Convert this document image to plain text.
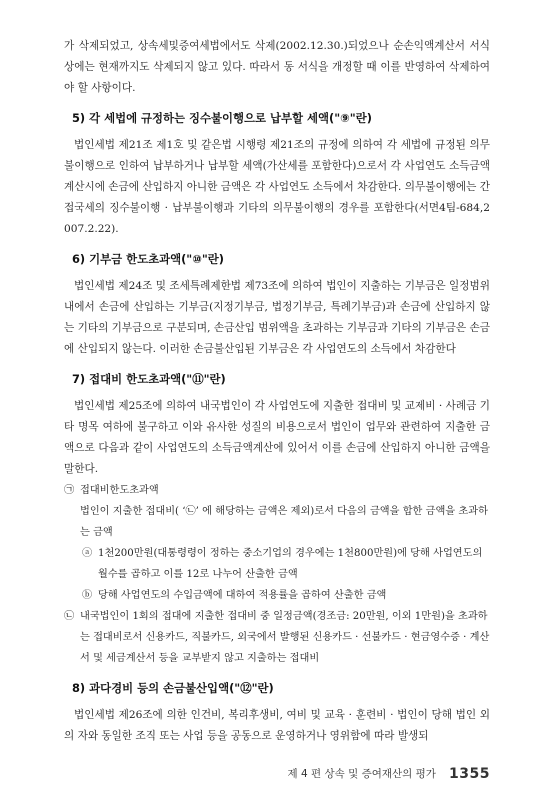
가 삭제되었고, 상속세및증여세법에서도 삭제(2002.12.30.)되었으나 순손익액계산서 서식상에는 현재까지도 삭제되지 않고 있다. 따라서 동 서식을 개정할 때 이를 반영하여 삭제하여야 할 사항이다.

5) 각 세법에 규정하는 징수불이행으로 납부할 세액("⑨"란)

법인세법 제21조 제1호 및 같은법 시행령 제21조의 규정에 의하여 각 세법에 규정된 의무불이행으로 인하여 납부하거나 납부할 세액(가산세를 포함한다)으로서 각 사업연도 소득금액 계산시에 손금에 산입하지 아니한 금액은 각 사업연도 소득에서 차감한다. 의무불이행에는 간접국세의 징수불이행 · 납부불이행과 기타의 의무불이행의 경우를 포함한다(서면4팀-684,2007.2.22).

6) 기부금 한도초과액("⑩"란)

법인세법 제24조 및 조세특례제한법 제73조에 의하여 법인이 지출하는 기부금은 일정범위 내에서 손금에 산입하는 기부금(지정기부금, 법정기부금, 특례기부금)과 손금에 산입하지 않는 기타의 기부금으로 구분되며, 손금산입 범위액을 초과하는 기부금과 기타의 기부금은 손금에 산입되지 않는다. 이러한 손금불산입된 기부금은 각 사업연도의 소득에서 차감한다

7) 접대비 한도초과액("⑪"란)

법인세법 제25조에 의하여 내국법인이 각 사업연도에 지출한 접대비 및 교제비 · 사례금 기타 명목 여하에 불구하고 이와 유사한 성질의 비용으로서 법인이 업무와 관련하여 지출한 금액으로 다음과 같이 사업연도의 소득금액계산에 있어서 이를 손금에 산입하지 아니한 금액을 말한다.

㉠ 접대비한도초과액
법인이 지출한 접대비( ‘㉡’ 에 해당하는 금액은 제외)로서 다음의 금액을 합한 금액을 초과하는 금액
ⓐ 1천200만원(대통령령이 정하는 중소기업의 경우에는 1천800만원)에 당해 사업연도의 월수를 곱하고 이를 12로 나누어 산출한 금액
ⓑ 당해 사업연도의 수입금액에 대하여 적용률을 곱하여 산출한 금액
㉡ 내국법인이 1회의 접대에 지출한 접대비 중 일정금액(경조금: 20만원, 이외 1만원)을 초과하는 접대비로서 신용카드, 직불카드, 외국에서 발행된 신용카드 · 선불카드 · 현금영수증 · 계산서 및 세금계산서 등을 교부받지 않고 지출하는 접대비
8) 과다경비 등의 손금불산입액("⑫"란)

법인세법 제26조에 의한 인건비, 복리후생비, 여비 및 교육 · 훈련비 · 법인이 당해 법인 외의 자와 동일한 조직 또는 사업 등을 공동으로 운영하거나 영위함에 따라 발생되

제 4 편 상속 및 증여재산의 평가 1355
